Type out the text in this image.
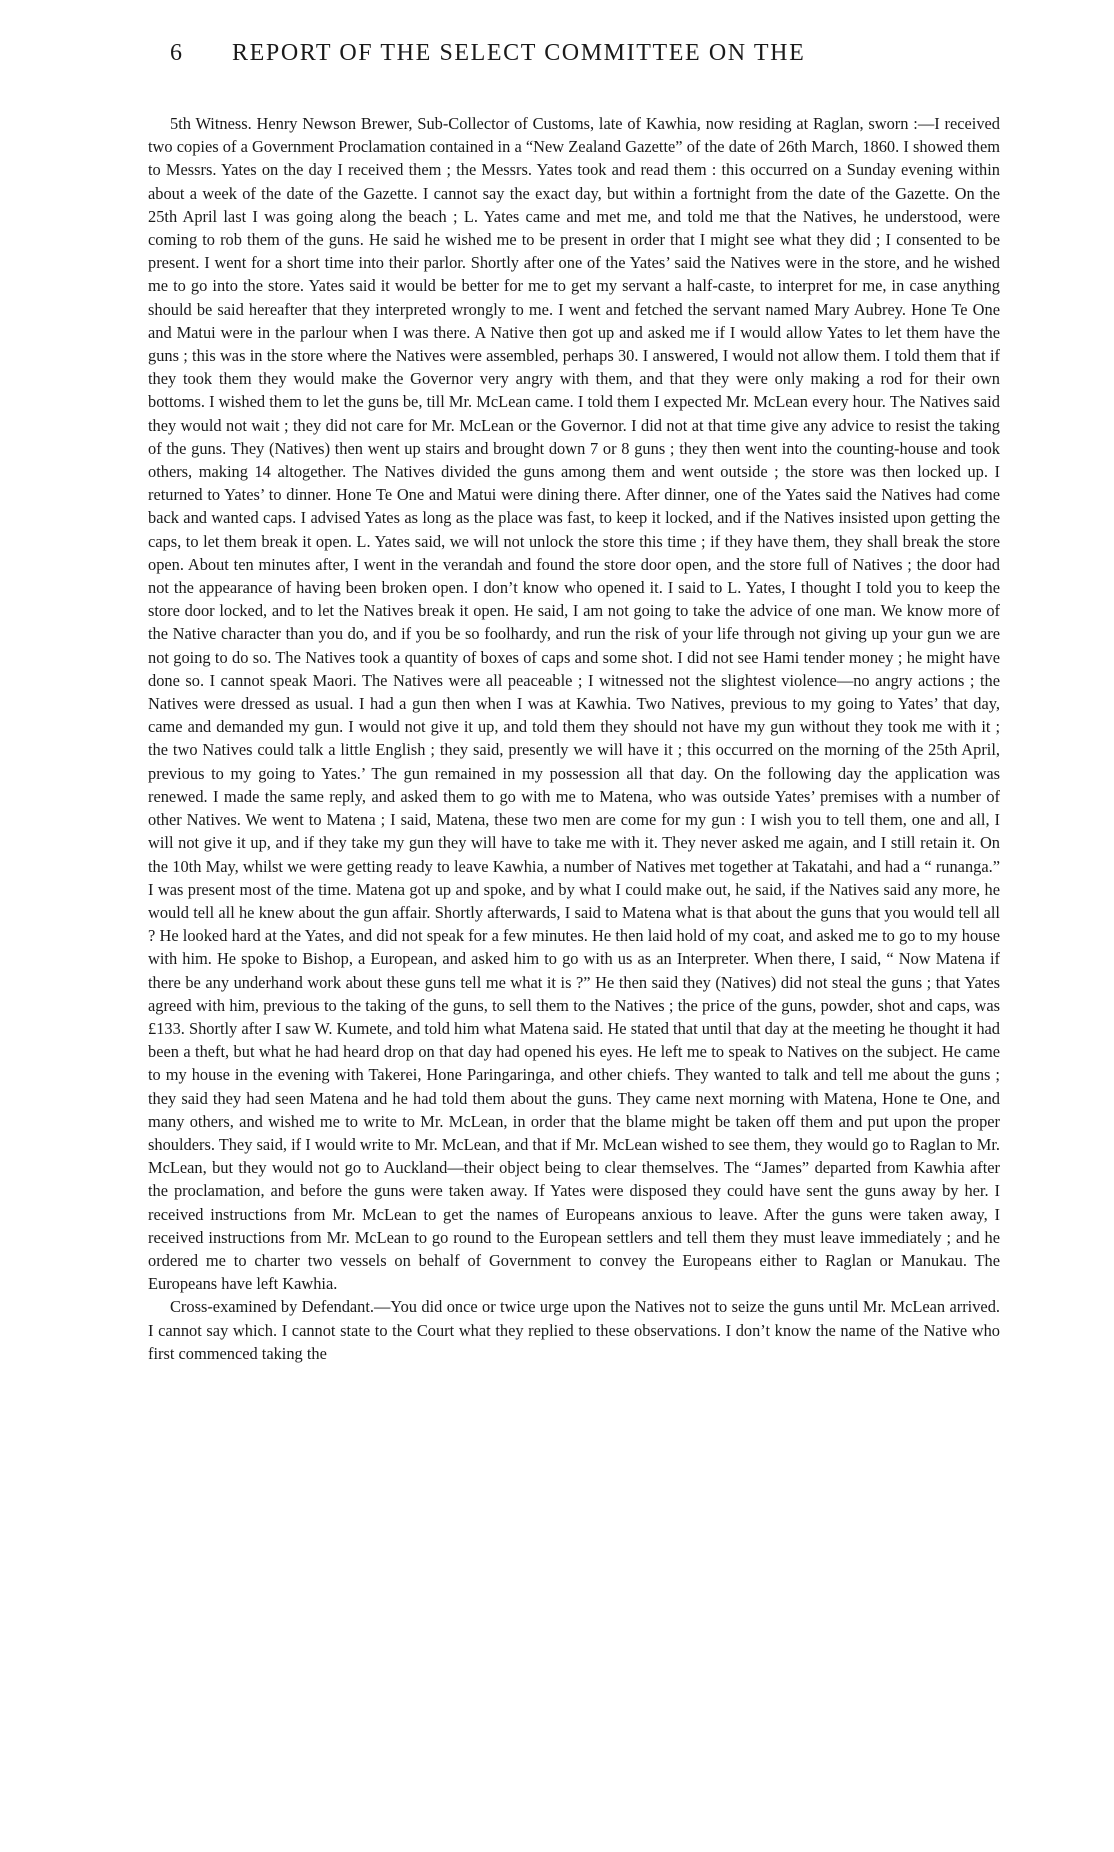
6 REPORT OF THE SELECT COMMITTEE ON THE

5th Witness. Henry Newson Brewer, Sub-Collector of Customs, late of Kawhia, now residing at Raglan, sworn :—I received two copies of a Government Proclamation contained in a “New Zealand Gazette” of the date of 26th March, 1860. I showed them to Messrs. Yates on the day I received them ; the Messrs. Yates took and read them : this occurred on a Sunday evening within about a week of the date of the Gazette. I cannot say the exact day, but within a fortnight from the date of the Gazette. On the 25th April last I was going along the beach ; L. Yates came and met me, and told me that the Natives, he understood, were coming to rob them of the guns. He said he wished me to be present in order that I might see what they did ; I consented to be present. I went for a short time into their parlor. Shortly after one of the Yates’ said the Natives were in the store, and he wished me to go into the store. Yates said it would be better for me to get my servant a half-caste, to interpret for me, in case anything should be said hereafter that they interpreted wrongly to me. I went and fetched the servant named Mary Aubrey. Hone Te One and Matui were in the parlour when I was there. A Native then got up and asked me if I would allow Yates to let them have the guns ; this was in the store where the Natives were assembled, perhaps 30. I answered, I would not allow them. I told them that if they took them they would make the Governor very angry with them, and that they were only making a rod for their own bottoms. I wished them to let the guns be, till Mr. McLean came. I told them I expected Mr. McLean every hour. The Natives said they would not wait ; they did not care for Mr. McLean or the Governor. I did not at that time give any advice to resist the taking of the guns. They (Natives) then went up stairs and brought down 7 or 8 guns ; they then went into the counting-house and took others, making 14 altogether. The Natives divided the guns among them and went outside ; the store was then locked up. I returned to Yates’ to dinner. Hone Te One and Matui were dining there. After dinner, one of the Yates said the Natives had come back and wanted caps. I advised Yates as long as the place was fast, to keep it locked, and if the Natives insisted upon getting the caps, to let them break it open. L. Yates said, we will not unlock the store this time ; if they have them, they shall break the store open. About ten minutes after, I went in the verandah and found the store door open, and the store full of Natives ; the door had not the appearance of having been broken open. I don’t know who opened it. I said to L. Yates, I thought I told you to keep the store door locked, and to let the Natives break it open. He said, I am not going to take the advice of one man. We know more of the Native character than you do, and if you be so foolhardy, and run the risk of your life through not giving up your gun we are not going to do so. The Natives took a quantity of boxes of caps and some shot. I did not see Hami tender money ; he might have done so. I cannot speak Maori. The Natives were all peaceable ; I witnessed not the slightest violence—no angry actions ; the Natives were dressed as usual. I had a gun then when I was at Kawhia. Two Natives, previous to my going to Yates’ that day, came and demanded my gun. I would not give it up, and told them they should not have my gun without they took me with it ; the two Natives could talk a little English ; they said, presently we will have it ; this occurred on the morning of the 25th April, previous to my going to Yates.’ The gun remained in my possession all that day. On the following day the application was renewed. I made the same reply, and asked them to go with me to Matena, who was outside Yates’ premises with a number of other Natives. We went to Matena ; I said, Matena, these two men are come for my gun : I wish you to tell them, one and all, I will not give it up, and if they take my gun they will have to take me with it. They never asked me again, and I still retain it. On the 10th May, whilst we were getting ready to leave Kawhia, a number of Natives met together at Takatahi, and had a “ runanga.” I was present most of the time. Matena got up and spoke, and by what I could make out, he said, if the Natives said any more, he would tell all he knew about the gun affair. Shortly afterwards, I said to Matena what is that about the guns that you would tell all ? He looked hard at the Yates, and did not speak for a few minutes. He then laid hold of my coat, and asked me to go to my house with him. He spoke to Bishop, a European, and asked him to go with us as an Interpreter. When there, I said, “ Now Matena if there be any underhand work about these guns tell me what it is ?” He then said they (Natives) did not steal the guns ; that Yates agreed with him, previous to the taking of the guns, to sell them to the Natives ; the price of the guns, powder, shot and caps, was £133. Shortly after I saw W. Kumete, and told him what Matena said. He stated that until that day at the meeting he thought it had been a theft, but what he had heard drop on that day had opened his eyes. He left me to speak to Natives on the subject. He came to my house in the evening with Takerei, Hone Paringaringa, and other chiefs. They wanted to talk and tell me about the guns ; they said they had seen Matena and he had told them about the guns. They came next morning with Matena, Hone te One, and many others, and wished me to write to Mr. McLean, in order that the blame might be taken off them and put upon the proper shoulders. They said, if I would write to Mr. McLean, and that if Mr. McLean wished to see them, they would go to Raglan to Mr. McLean, but they would not go to Auckland—their object being to clear themselves. The “James” departed from Kawhia after the proclamation, and before the guns were taken away. If Yates were disposed they could have sent the guns away by her. I received instructions from Mr. McLean to get the names of Europeans anxious to leave. After the guns were taken away, I received instructions from Mr. McLean to go round to the European settlers and tell them they must leave immediately ; and he ordered me to charter two vessels on behalf of Government to convey the Europeans either to Raglan or Manukau. The Europeans have left Kawhia.

Cross-examined by Defendant.—You did once or twice urge upon the Natives not to seize the guns until Mr. McLean arrived. I cannot say which. I cannot state to the Court what they replied to these observations. I don’t know the name of the Native who first commenced taking the
